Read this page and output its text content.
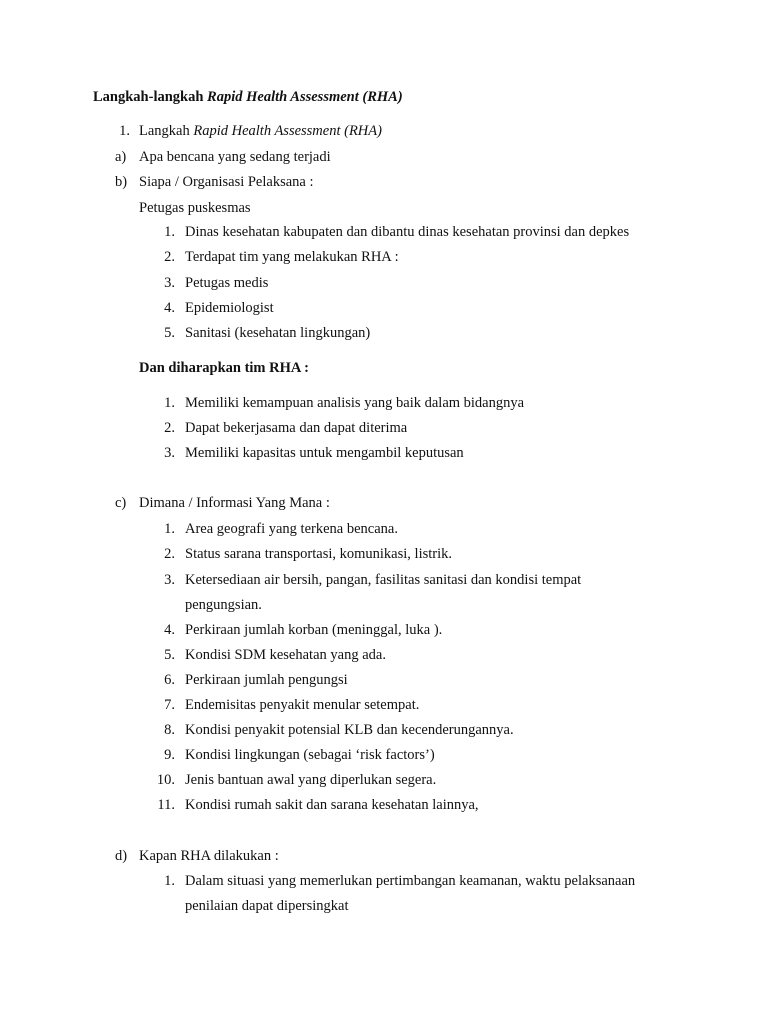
Langkah-langkah Rapid Health Assessment (RHA)
1. Langkah Rapid Health Assessment (RHA)
a) Apa bencana yang sedang terjadi
b) Siapa / Organisasi Pelaksana :
Petugas puskesmas
1. Dinas kesehatan kabupaten dan dibantu dinas kesehatan provinsi dan depkes
2. Terdapat tim yang melakukan RHA :
3. Petugas medis
4. Epidemiologist
5. Sanitasi (kesehatan lingkungan)
Dan diharapkan tim RHA :
1. Memiliki kemampuan analisis yang baik dalam bidangnya
2. Dapat bekerjasama dan dapat diterima
3. Memiliki kapasitas untuk mengambil keputusan
c) Dimana / Informasi Yang Mana :
1. Area geografi yang terkena bencana.
2. Status sarana transportasi, komunikasi, listrik.
3. Ketersediaan air bersih, pangan, fasilitas sanitasi dan kondisi tempat
pengungsian.
4. Perkiraan jumlah korban (meninggal, luka ).
5. Kondisi SDM kesehatan yang ada.
6. Perkiraan jumlah pengungsi
7. Endemisitas penyakit menular setempat.
8. Kondisi penyakit potensial KLB dan kecenderungannya.
9. Kondisi lingkungan (sebagai ‘risk factors’)
10. Jenis bantuan awal yang diperlukan segera.
11. Kondisi rumah sakit dan sarana kesehatan lainnya,
d) Kapan RHA dilakukan :
1. Dalam situasi yang memerlukan pertimbangan keamanan, waktu pelaksanaan
penilaian dapat dipersingkat
